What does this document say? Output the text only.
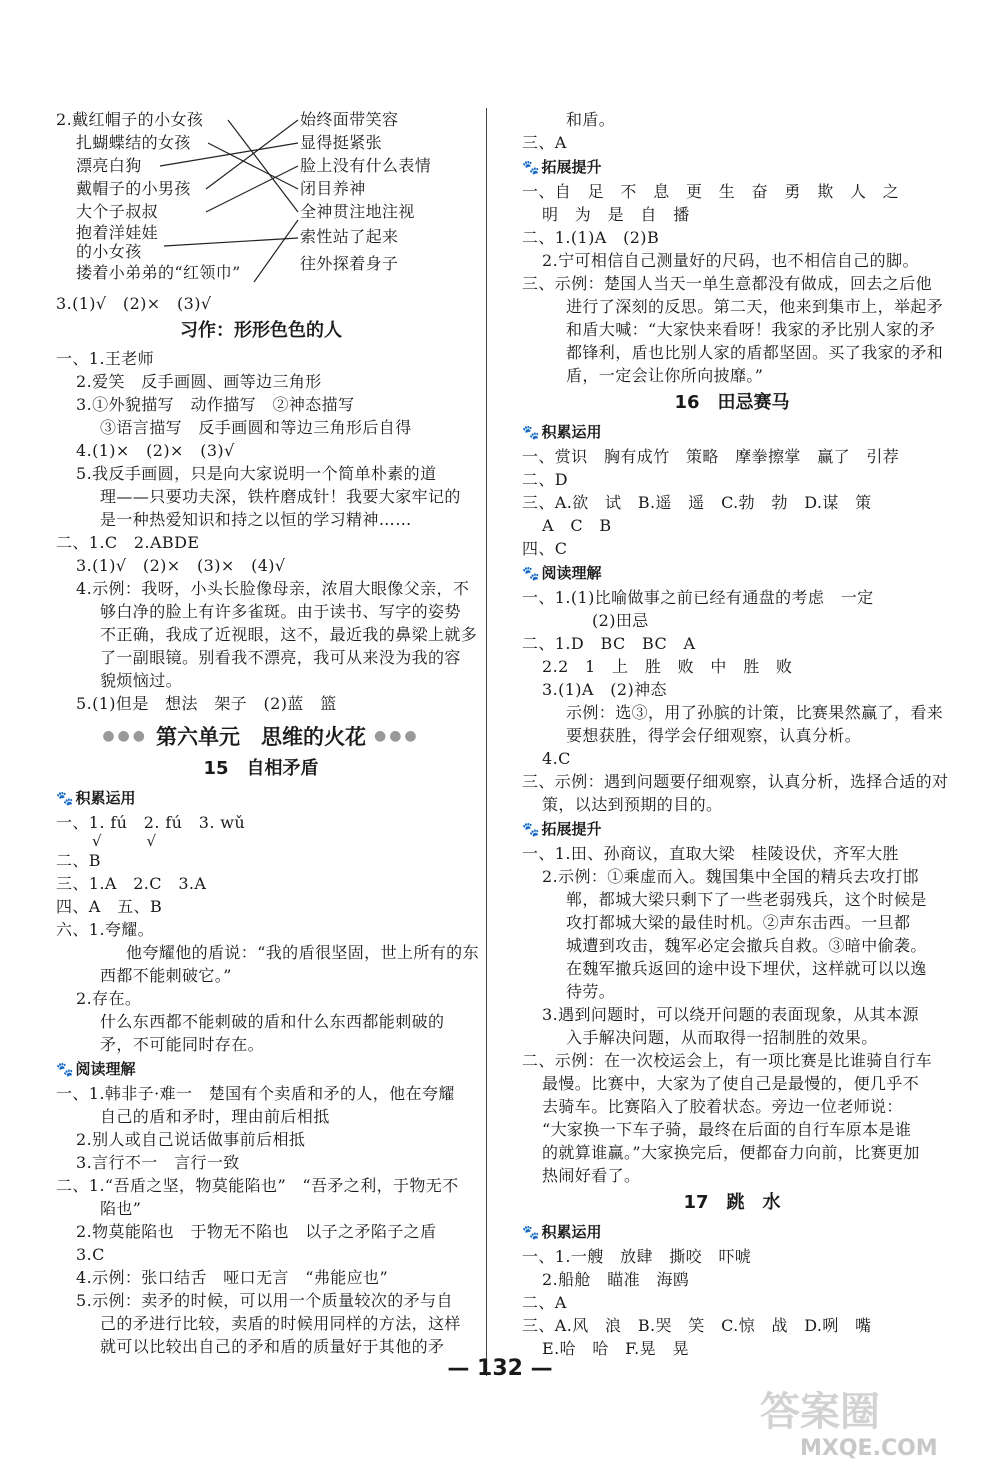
2.戴红帽子的小女孩
扎蝴蝶结的女孩
漂亮白狗
戴帽子的小男孩
大个子叔叔
抱着洋娃娃
的小女孩
搂着小弟弟的“红领巾”
始终面带笑容
显得挺紧张
脸上没有什么表情
闭目养神
全神贯注地注视
索性站了起来
往外探着身子
3.(1)√　(2)×　(3)√
习作：形形色色的人
一、1.王老师
2.爱笑　反手画圆、画等边三角形
3.①外貌描写　动作描写　②神态描写
③语言描写　反手画圆和等边三角形后自得
4.(1)×　(2)×　(3)√
5.我反手画圆，只是向大家说明一个简单朴素的道
理——只要功夫深，铁杵磨成针！我要大家牢记的
是一种热爱知识和持之以恒的学习精神……
二、1.C　2.ABDE
3.(1)√　(2)×　(3)×　(4)√
4.示例：我呀，小头长脸像母亲，浓眉大眼像父亲，不
够白净的脸上有许多雀斑。由于读书、写字的姿势
不正确，我成了近视眼，这不，最近我的鼻梁上就多
了一副眼镜。别看我不漂亮，我可从来没为我的容
貌烦恼过。
5.(1)但是　想法　架子　(2)蓝　篮
●●● 第六单元　思维的火花 ●●●
15　自相矛盾
🐾 积累运用
一、1. fú　2. fú　3. wǔ
√　　　√
二、B
三、1.A　2.C　3.A
四、A　五、B
六、1.夸耀。
他夸耀他的盾说：“我的盾很坚固，世上所有的东
西都不能刺破它。”
2.存在。
什么东西都不能刺破的盾和什么东西都能刺破的
矛，不可能同时存在。
🐾 阅读理解
一、1.韩非子·难一　楚国有个卖盾和矛的人，他在夸耀
自己的盾和矛时，理由前后相抵
2.别人或自己说话做事前后相抵
3.言行不一　言行一致
二、1.“吾盾之坚，物莫能陷也”　“吾矛之利，于物无不
陷也”
2.物莫能陷也　于物无不陷也　以子之矛陷子之盾
3.C
4.示例：张口结舌　哑口无言　“弗能应也”
5.示例：卖矛的时候，可以用一个质量较次的矛与自
己的矛进行比较，卖盾的时候用同样的方法，这样
就可以比较出自己的矛和盾的质量好于其他的矛
和盾。
三、A
🐾 拓展提升
一、自　足　不　息　更　生　奋　勇　欺　人　之
明　为　是　自　播
二、1.(1)A　(2)B
2.宁可相信自己测量好的尺码，也不相信自己的脚。
三、示例：楚国人当天一单生意都没有做成，回去之后他
进行了深刻的反思。第二天，他来到集市上，举起矛
和盾大喊：“大家快来看呀！我家的矛比别人家的矛
都锋利，盾也比别人家的盾都坚固。买了我家的矛和
盾，一定会让你所向披靡。”
16　田忌赛马
🐾 积累运用
一、赏识　胸有成竹　策略　摩拳擦掌　赢了　引荐
二、D
三、A.欲　试　B.遥　遥　C.勃　勃　D.谋　策
A　C　B
四、C
🐾 阅读理解
一、1.(1)比喻做事之前已经有通盘的考虑　一定
(2)田忌
二、1.D　BC　BC　A
2.2　1　上　胜　败　中　胜　败
3.(1)A　(2)神态
示例：选③，用了孙膑的计策，比赛果然赢了，看来
要想获胜，得学会仔细观察，认真分析。
4.C
三、示例：遇到问题要仔细观察，认真分析，选择合适的对
策，以达到预期的目的。
🐾 拓展提升
一、1.田、孙商议，直取大梁　桂陵设伏，齐军大胜
2.示例：①乘虚而入。魏国集中全国的精兵去攻打邯
郸，都城大梁只剩下了一些老弱残兵，这个时候是
攻打都城大梁的最佳时机。②声东击西。一旦都
城遭到攻击，魏军必定会撤兵自救。③暗中偷袭。
在魏军撤兵返回的途中设下埋伏，这样就可以以逸
待劳。
3.遇到问题时，可以绕开问题的表面现象，从其本源
入手解决问题，从而取得一招制胜的效果。
二、示例：在一次校运会上，有一项比赛是比谁骑自行车
最慢。比赛中，大家为了使自己是最慢的，便几乎不
去骑车。比赛陷入了胶着状态。旁边一位老师说：
“大家换一下车子骑，最终在后面的自行车原本是谁
的就算谁赢。”大家换完后，便都奋力向前，比赛更加
热闹好看了。
17　跳　水
🐾 积累运用
一、1.一艘　放肆　撕咬　吓唬
2.船舱　瞄准　海鸥
二、A
三、A.风　浪　B.哭　笑　C.惊　战　D.咧　嘴
E.哈　哈　F.晃　晃
— 132 —
答案圈
MXQE.COM
